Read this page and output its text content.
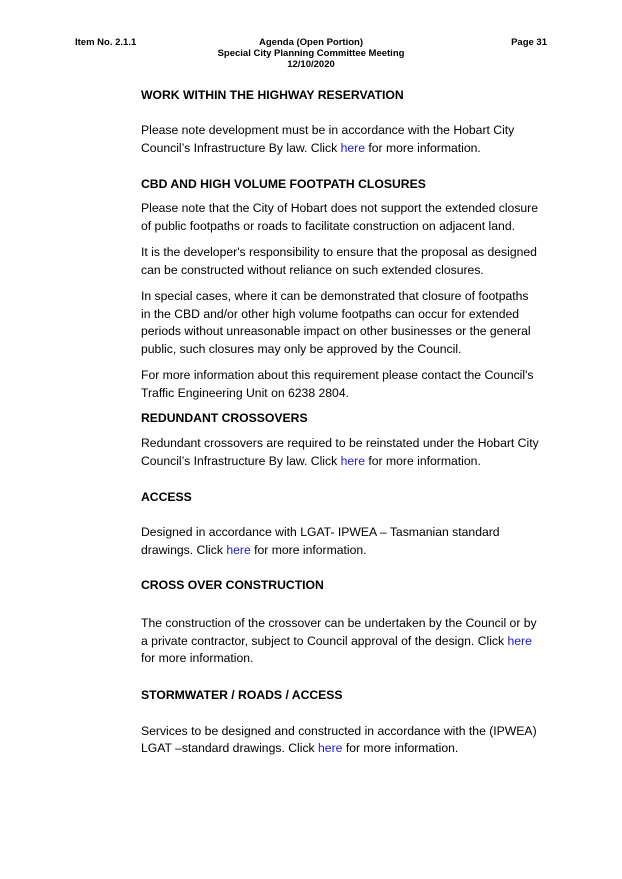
Item No. 2.1.1	Agenda (Open Portion)
Special City Planning Committee Meeting
12/10/2020
Page 31
WORK WITHIN THE HIGHWAY RESERVATION

Please note development must be in accordance with the Hobart City Council’s Infrastructure By law. Click here for more information.

CBD AND HIGH VOLUME FOOTPATH CLOSURES

Please note that the City of Hobart does not support the extended closure of public footpaths or roads to facilitate construction on adjacent land.

It is the developer's responsibility to ensure that the proposal as designed can be constructed without reliance on such extended closures.

In special cases, where it can be demonstrated that closure of footpaths in the CBD and/or other high volume footpaths can occur for extended periods without unreasonable impact on other businesses or the general public, such closures may only be approved by the Council.

For more information about this requirement please contact the Council's Traffic Engineering Unit on 6238 2804.

REDUNDANT CROSSOVERS

Redundant crossovers are required to be reinstated under the Hobart City Council’s Infrastructure By law. Click here for more information.

ACCESS

Designed in accordance with LGAT- IPWEA – Tasmanian standard drawings. Click here for more information.

CROSS OVER CONSTRUCTION

The construction of the crossover can be undertaken by the Council or by a private contractor, subject to Council approval of the design. Click here for more information.

STORMWATER / ROADS / ACCESS

Services to be designed and constructed in accordance with the (IPWEA) LGAT –standard drawings. Click here for more information.
